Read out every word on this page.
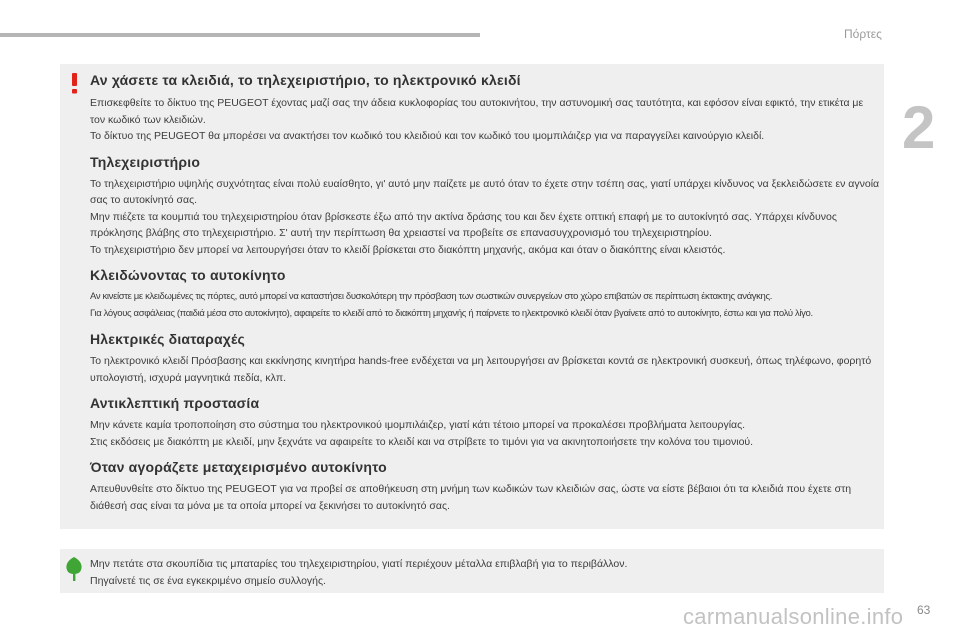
Πόρτες
2
Αν χάσετε τα κλειδιά, το τηλεχειριστήριο, το ηλεκτρονικό κλειδί

Επισκεφθείτε το δίκτυο της PEUGEOT έχοντας μαζί σας την άδεια κυκλοφορίας του αυτοκινήτου, την αστυνομική σας ταυτότητα, και εφόσον είναι εφικτό, την ετικέτα με τον κωδικό των κλειδιών.

Το δίκτυο της PEUGEOT θα μπορέσει να ανακτήσει τον κωδικό του κλειδιού και τον κωδικό του ιμομπιλάιζερ για να παραγγείλει καινούργιο κλειδί.

Τηλεχειριστήριο

Το τηλεχειριστήριο υψηλής συχνότητας είναι πολύ ευαίσθητο, γι' αυτό μην παίζετε με αυτό όταν το έχετε στην τσέπη σας, γιατί υπάρχει κίνδυνος να ξεκλειδώσετε εν αγνοία σας το αυτοκίνητό σας.

Μην πιέζετε τα κουμπιά του τηλεχειριστηρίου όταν βρίσκεστε έξω από την ακτίνα δράσης του και δεν έχετε οπτική επαφή με το αυτοκίνητό σας. Υπάρχει κίνδυνος πρόκλησης βλάβης στο τηλεχειριστήριο. Σ' αυτή την περίπτωση θα χρειαστεί να προβείτε σε επανασυγχρονισμό του τηλεχειριστηρίου.

Το τηλεχειριστήριο δεν μπορεί να λειτουργήσει όταν το κλειδί βρίσκεται στο διακόπτη μηχανής, ακόμα και όταν ο διακόπτης είναι κλειστός.

Κλειδώνοντας το αυτοκίνητο

Αν κινείστε με κλειδωμένες τις πόρτες, αυτό μπορεί να καταστήσει δυσκολότερη την πρόσβαση των σωστικών συνεργείων στο χώρο επιβατών σε περίπτωση έκτακτης ανάγκης.

Για λόγους ασφάλειας (παιδιά μέσα στο αυτοκίνητο), αφαιρείτε το κλειδί από το διακόπτη μηχανής ή παίρνετε το ηλεκτρονικό κλειδί όταν βγαίνετε από το αυτοκίνητο, έστω και για πολύ λίγο.

Ηλεκτρικές διαταραχές

Το ηλεκτρονικό κλειδί Πρόσβασης και εκκίνησης κινητήρα hands-free ενδέχεται να μη λειτουργήσει αν βρίσκεται κοντά σε ηλεκτρονική συσκευή, όπως τηλέφωνο, φορητό υπολογιστή, ισχυρά μαγνητικά πεδία, κλπ.

Αντικλεπτική προστασία

Μην κάνετε καμία τροποποίηση στο σύστημα του ηλεκτρονικού ιμομπιλάιζερ, γιατί κάτι τέτοιο μπορεί να προκαλέσει προβλήματα λειτουργίας.

Στις εκδόσεις με διακόπτη με κλειδί, μην ξεχνάτε να αφαιρείτε το κλειδί και να στρίβετε το τιμόνι για να ακινητοποιήσετε την κολόνα του τιμονιού.

Όταν αγοράζετε μεταχειρισμένο αυτοκίνητο

Απευθυνθείτε στο δίκτυο της PEUGEOT για να προβεί σε αποθήκευση στη μνήμη των κωδικών των κλειδιών σας, ώστε να είστε βέβαιοι ότι τα κλειδιά που έχετε στη διάθεσή σας είναι τα μόνα με τα οποία μπορεί να ξεκινήσει το αυτοκίνητό σας.

Μην πετάτε στα σκουπίδια τις μπαταρίες του τηλεχειριστηρίου, γιατί περιέχουν μέταλλα επιβλαβή για το περιβάλλον.

Πηγαίνετέ τις σε ένα εγκεκριμένο σημείο συλλογής.

carmanualsonline.info 63
